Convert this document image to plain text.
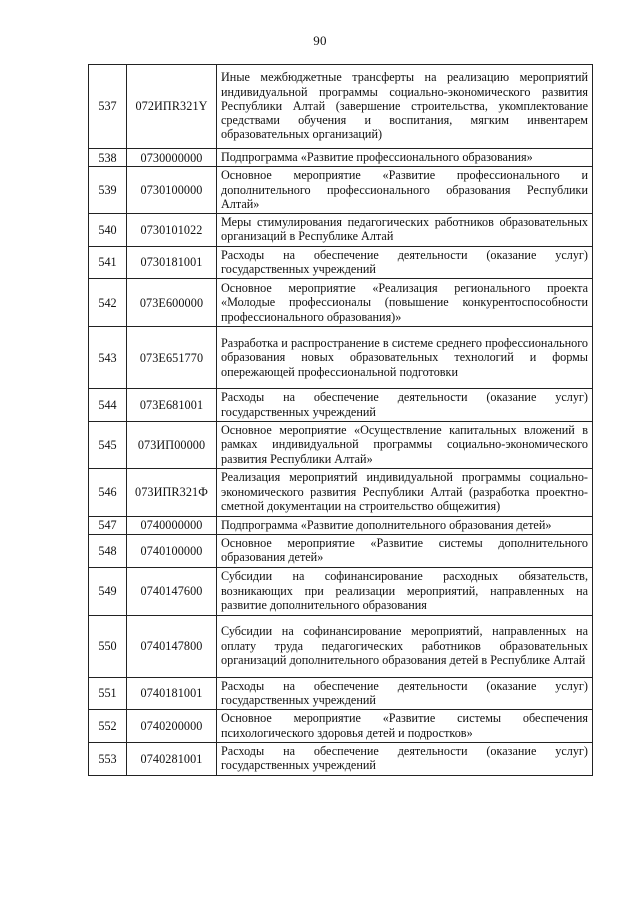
90
537	072ИПR321Y	Иные межбюджетные трансферты на реализацию мероприятий индивидуальной программы социально-экономического развития Республики Алтай (завершение строительства, укомплектование средствами обучения и воспитания, мягким инвентарем образовательных организаций)
538	0730000000	Подпрограмма «Развитие профессионального образования»
539	0730100000	Основное мероприятие «Развитие профессионального и дополнительного профессионального образования Республики Алтай»
540	0730101022	Меры стимулирования педагогических работников образовательных организаций в Республике Алтай
541	0730181001	Расходы на обеспечение деятельности (оказание услуг) государственных учреждений
542	073E600000	Основное мероприятие «Реализация регионального проекта «Молодые профессионалы (повышение конкурентоспособности профессионального образования)»
543	073E651770	Разработка и распространение в системе среднего профессионального образования новых образовательных технологий и формы опережающей профессиональной подготовки
544	073E681001	Расходы на обеспечение деятельности (оказание услуг) государственных учреждений
545	073ИП00000	Основное мероприятие «Осуществление капитальных вложений в рамках индивидуальной программы социально-экономического развития Республики Алтай»
546	073ИПR321Ф	Реализация мероприятий индивидуальной программы социально-экономического развития Республики Алтай (разработка проектно-сметной документации на строительство общежития)
547	0740000000	Подпрограмма «Развитие дополнительного образования детей»
548	0740100000	Основное мероприятие «Развитие системы дополнительного образования детей»
549	0740147600	Субсидии на софинансирование расходных обязательств, возникающих при реализации мероприятий, направленных на развитие дополнительного образования
550	0740147800	Субсидии на софинансирование мероприятий, направленных на оплату труда педагогических работников образовательных организаций дополнительного образования детей в Республике Алтай
551	0740181001	Расходы на обеспечение деятельности (оказание услуг) государственных учреждений
552	0740200000	Основное мероприятие «Развитие системы обеспечения психологического здоровья детей и подростков»
553	0740281001	Расходы на обеспечение деятельности (оказание услуг) государственных учреждений
